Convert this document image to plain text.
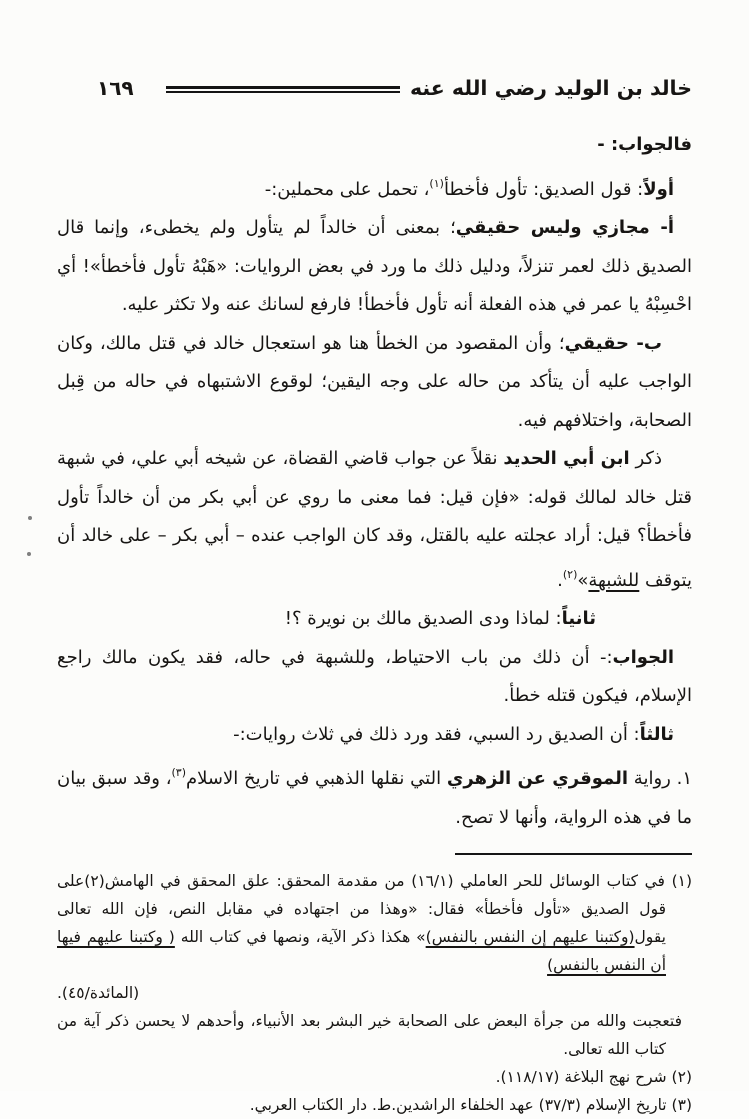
خالد بن الوليد رضي الله عنه
١٦٩

فالجواب: -

أولاً: قول الصديق: تأول فأخطأ$^{(١)}$، تحمل على محملين:-

أ- مجازي وليس حقيقي؛ بمعنى أن خالداً لم يتأول ولم يخطىء، وإنما قال الصديق ذلك لعمر تنزلاً، ودليل ذلك ما ورد في بعض الروايات: «هَبْهُ تأول فأخطأ»! أي احْسِبْهُ يا عمر في هذه الفعلة أنه تأول فأخطأ! فارفع لسانك عنه ولا تكثر عليه.

ب- حقيقي؛ وأن المقصود من الخطأ هنا هو استعجال خالد في قتل مالك، وكان الواجب عليه أن يتأكد من حاله على وجه اليقين؛ لوقوع الاشتبهاه في حاله من قِبل الصحابة، واختلافهم فيه.

ذكر ابن أبي الحديد نقلاً عن جواب قاضي القضاة، عن شيخه أبي علي، في شبهة قتل خالد لمالك قوله: «فإن قيل: فما معنى ما روي عن أبي بكر من أن خالداً تأول فأخطأ؟ قيل: أراد عجلته عليه بالقتل، وقد كان الواجب عنده – أبي بكر – على خالد أن يتوقف للشبهة»$^{(٢)}$.

ثانياً: لماذا ودى الصديق مالك بن نويرة ؟!

الجواب:- أن ذلك من باب الاحتياط، وللشبهة في حاله، فقد يكون مالك راجع الإسلام، فيكون قتله خطأ.

ثالثاً: أن الصديق رد السبي، فقد ورد ذلك في ثلاث روايات:-

١. رواية الموقري عن الزهري التي نقلها الذهبي في تاريخ الاسلام$^{(٣)}$، وقد سبق بيان ما في هذه الرواية، وأنها لا تصح.

(١) في كتاب الوسائل للحر العاملي (١٦/١) من مقدمة المحقق: علق المحقق في الهامش(٢)على قول الصديق «تأول فأخطأ» فقال: «وهذا من اجتهاده في مقابل النص، فإن الله تعالى يقول(وكتبنا عليهم إن النفس بالنفس)» هكذا ذكر الآية، ونصها في كتاب الله ( وكتبنا عليهم فيها أن النفس بالنفس)

(المائدة/٤٥).

فتعجبت والله من جرأة البعض على الصحابة خير البشر بعد الأنبياء، وأحدهم لا يحسن ذكر آية من كتاب الله تعالى.

(٢) شرح نهج البلاغة (١١٨/١٧).

(٣) تاريخ الإسلام (٣٧/٣) عهد الخلفاء الراشدين.ط. دار الكتاب العربي.
